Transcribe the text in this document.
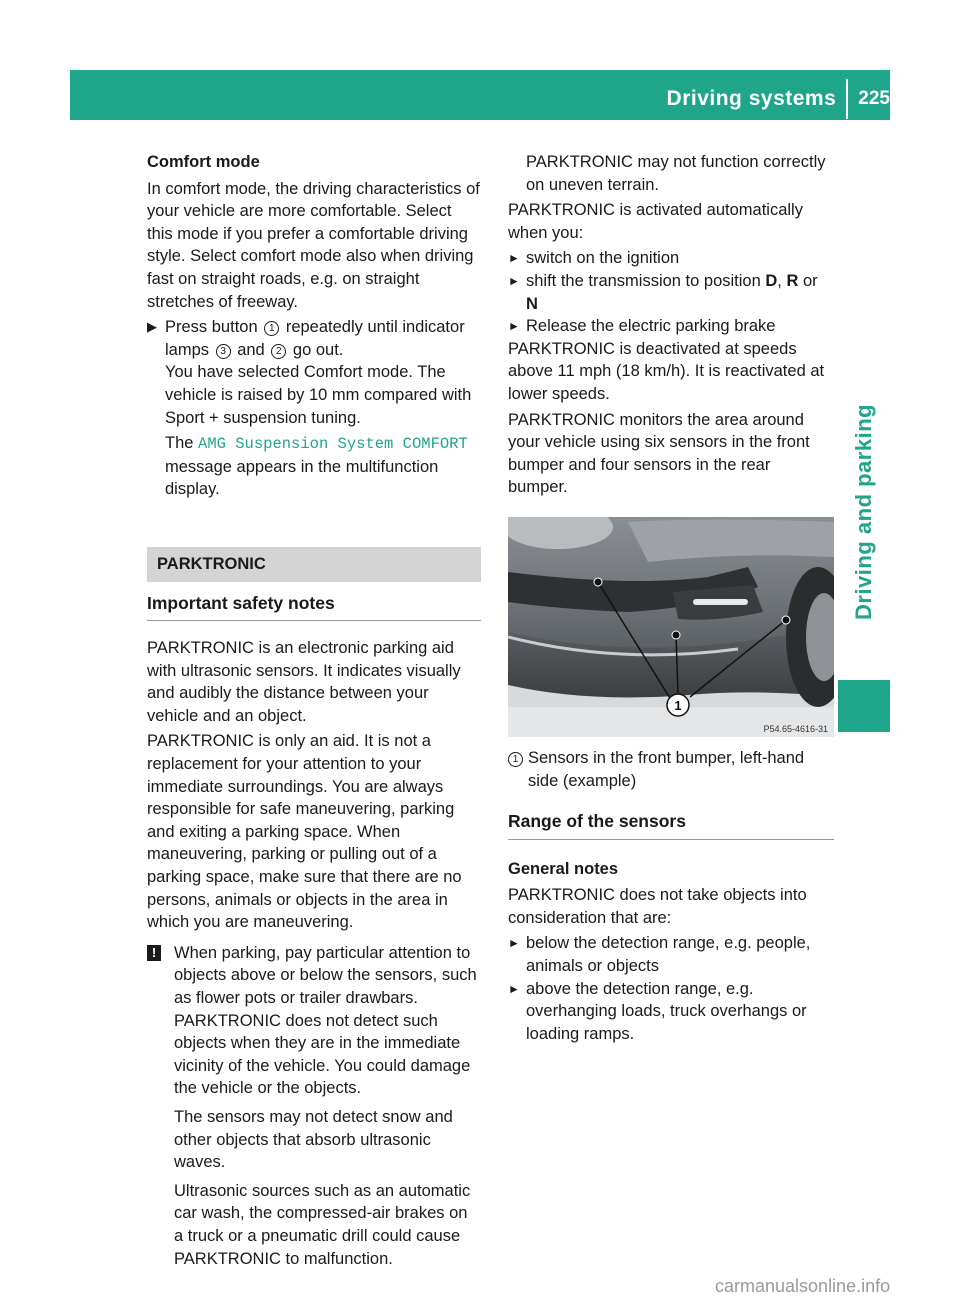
Driving systems	225
Driving and parking

Comfort mode

In comfort mode, the driving characteristics of your vehicle are more comfortable. Select this mode if you prefer a comfortable driving style. Select comfort mode also when driving fast on straight roads, e.g. on straight stretches of freeway.

▶ Press button 1 repeatedly until indicator lamps 3 and 2 go out.

You have selected Comfort mode. The vehicle is raised by 10 mm compared with Sport + suspension tuning.

The AMG Suspension System COMFORT message appears in the multifunction display.

PARKTRONIC
Important safety notes

PARKTRONIC is an electronic parking aid with ultrasonic sensors. It indicates visually and audibly the distance between your vehicle and an object.

PARKTRONIC is only an aid. It is not a replacement for your attention to your immediate surroundings. You are always responsible for safe maneuvering, parking and exiting a parking space. When maneuvering, parking or pulling out of a parking space, make sure that there are no persons, animals or objects in the area in which you are maneuvering.

! When parking, pay particular attention to objects above or below the sensors, such as flower pots or trailer drawbars. PARKTRONIC does not detect such objects when they are in the immediate vicinity of the vehicle. You could damage the vehicle or the objects.

The sensors may not detect snow and other objects that absorb ultrasonic waves.

Ultrasonic sources such as an automatic car wash, the compressed-air brakes on a truck or a pneumatic drill could cause PARKTRONIC to malfunction.

PARKTRONIC may not function correctly on uneven terrain.

PARKTRONIC is activated automatically when you:

► switch on the ignition
► shift the transmission to position D, R or N
► Release the electric parking brake

PARKTRONIC is deactivated at speeds above 11 mph (18 km/h). It is reactivated at lower speeds.

PARKTRONIC monitors the area around your vehicle using six sensors in the front bumper and four sensors in the rear bumper.

1
P54.65-4616-31
1 Sensors in the front bumper, left-hand side (example)
Range of the sensors

General notes

PARKTRONIC does not take objects into consideration that are:

► below the detection range, e.g. people, animals or objects
► above the detection range, e.g. overhanging loads, truck overhangs or loading ramps.
carmanualsonline.info
